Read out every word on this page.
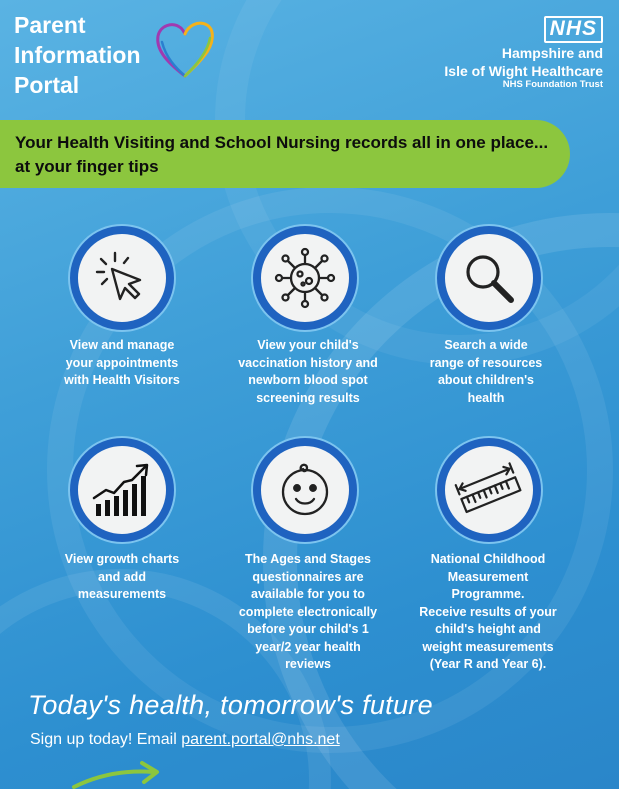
Parent
Information
Portal
NHS
Hampshire and
Isle of Wight Healthcare
NHS Foundation Trust
Your Health Visiting and School Nursing records all in one place...
at your finger tips
View and manage
your appointments
with Health Visitors
View your child's
vaccination history and
newborn blood spot
screening results
Search a wide
range of resources
about children's
health
View growth charts
and add
measurements
The Ages and Stages
questionnaires are
available for you to
complete electronically
before your child's 1
year/2 year health
reviews
National Childhood
Measurement
Programme.
Receive results of your
child's height and
weight measurements
(Year R and Year 6).
Today's health, tomorrow's future
Sign up today! Email parent.portal@nhs.net
